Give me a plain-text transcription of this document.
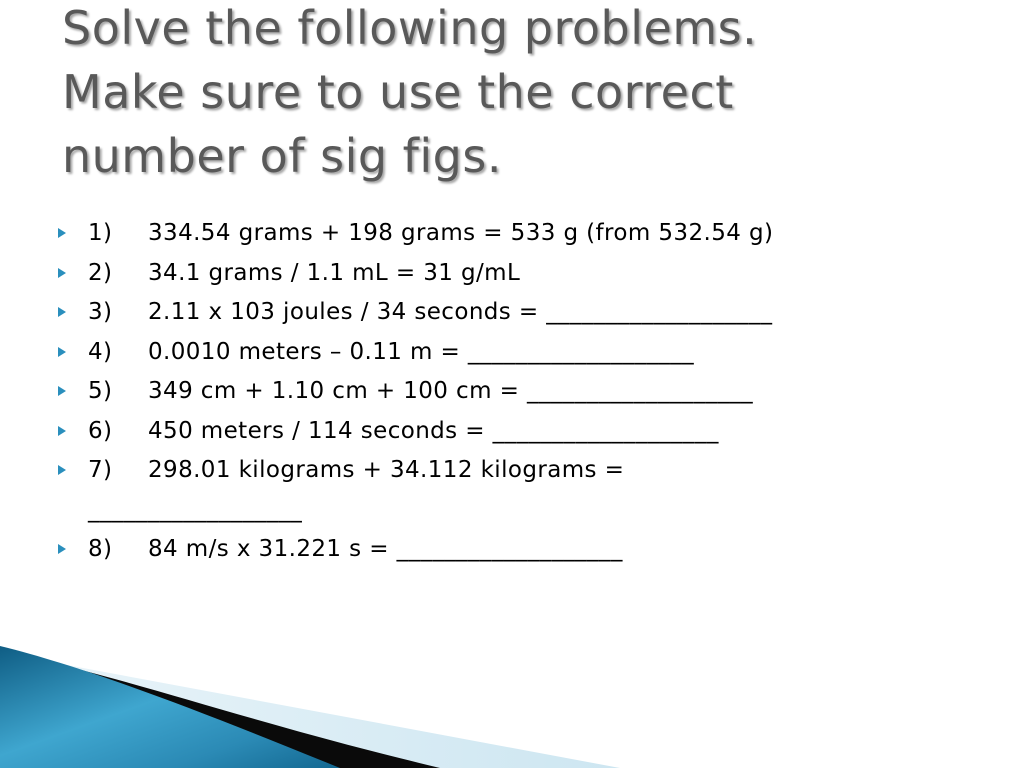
Solve the following problems.
Make sure to use the correct
number of sig figs.
1) 334.54 grams + 198 grams = 533 g (from 532.54 g)
2) 34.1 grams / 1.1 mL = 31 g/mL
3) 2.11 x 103 joules / 34 seconds = ___________________
4) 0.0010 meters – 0.11 m = ___________________
5) 349 cm + 1.10 cm + 100 cm = ___________________
6) 450 meters / 114 seconds = ___________________
7) 298.01 kilograms + 34.112 kilograms =
__________________
8) 84 m/s x 31.221 s = ___________________
